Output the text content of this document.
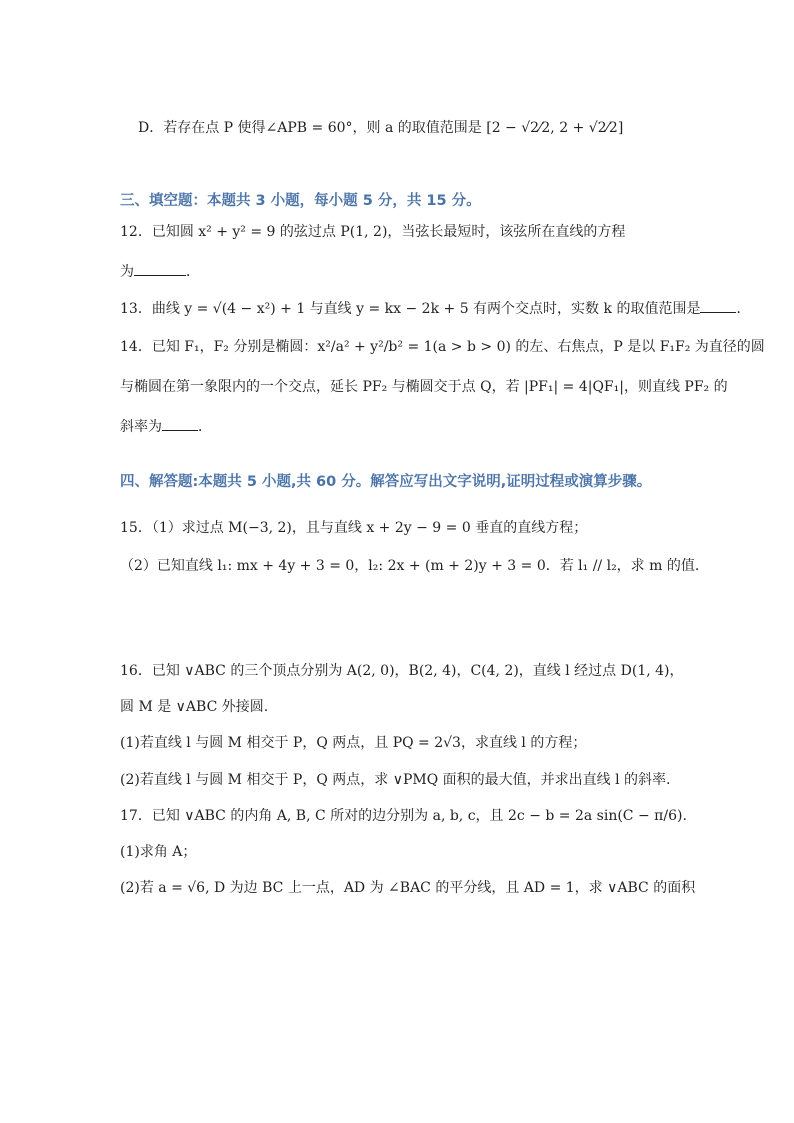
D．若存在点 P 使得∠APB = 60°，则 a 的取值范围是 [2 − √2⁄2, 2 + √2⁄2]
三、填空题：本题共 3 小题，每小题 5 分，共 15 分。
12．已知圆 x² + y² = 9 的弦过点 P(1, 2)，当弦长最短时，该弦所在直线的方程
为	．
13．曲线 y = √(4 − x²) + 1 与直线 y = kx − 2k + 5 有两个交点时，实数 k 的取值范围是	．
14．已知 F₁，F₂ 分别是椭圆：x²/a² + y²/b² = 1(a > b > 0) 的左、右焦点，P 是以 F₁F₂ 为直径的圆
与椭圆在第一象限内的一个交点，延长 PF₂ 与椭圆交于点 Q，若 |PF₁| = 4|QF₁|，则直线 PF₂ 的
斜率为	．
四、解答题:本题共 5 小题,共 60 分。解答应写出文字说明,证明过程或演算步骤。
15．（1）求过点 M(−3, 2)，且与直线 x + 2y − 9 = 0 垂直的直线方程；
（2）已知直线 l₁: mx + 4y + 3 = 0，l₂: 2x + (m + 2)y + 3 = 0．若 l₁ // l₂，求 m 的值.
16．已知 ∨ABC 的三个顶点分别为 A(2, 0)，B(2, 4)，C(4, 2)，直线 l 经过点 D(1, 4)，
圆 M 是 ∨ABC 外接圆.
(1)若直线 l 与圆 M 相交于 P，Q 两点，且 PQ = 2√3，求直线 l 的方程；
(2)若直线 l 与圆 M 相交于 P，Q 两点，求 ∨PMQ 面积的最大值，并求出直线 l 的斜率.
17．已知 ∨ABC 的内角 A, B, C 所对的边分别为 a, b, c，且 2c − b = 2a sin(C − π/6).
(1)求角 A；
(2)若 a = √6, D 为边 BC 上一点，AD 为 ∠BAC 的平分线，且 AD = 1，求 ∨ABC 的面积
